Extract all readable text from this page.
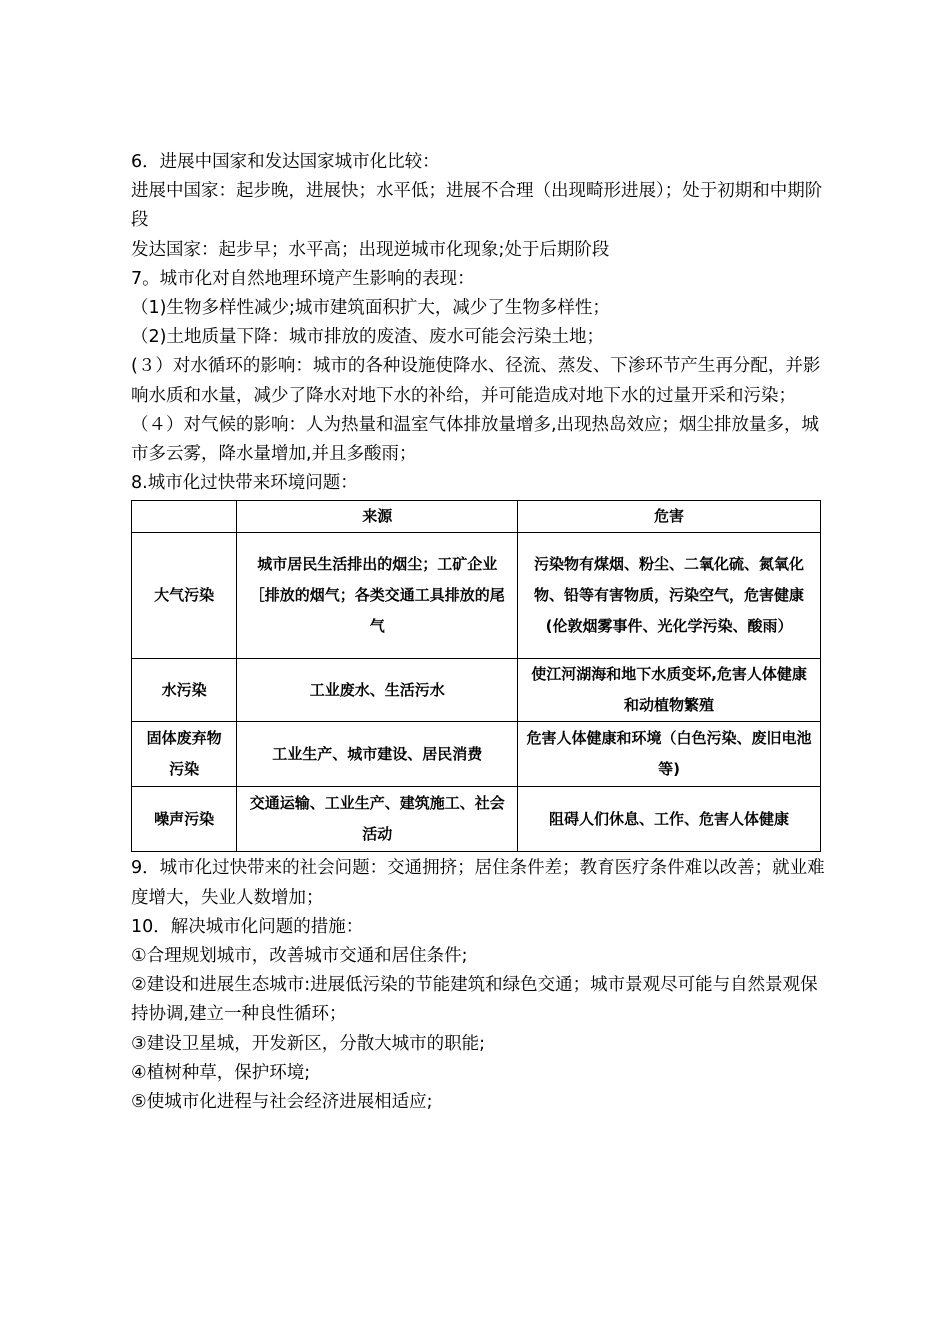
6．进展中国家和发达国家城市化比较：
进展中国家：起步晚，进展快；水平低；进展不合理（出现畸形进展）；处于初期和中期阶段
发达国家：起步早；水平高；出现逆城市化现象;处于后期阶段
7。城市化对自然地理环境产生影响的表现：
（1)生物多样性减少;城市建筑面积扩大，减少了生物多样性；
（2)土地质量下降：城市排放的废渣、废水可能会污染土地；
(３）对水循环的影响：城市的各种设施使降水、径流、蒸发、下渗环节产生再分配，并影响水质和水量，减少了降水对地下水的补给，并可能造成对地下水的过量开采和污染；
（４）对气候的影响：人为热量和温室气体排放量增多,出现热岛效应；烟尘排放量多，城市多云雾，降水量增加,并且多酸雨；
8.城市化过快带来环境问题：
	来源	危害
大气污染	城市居民生活排出的烟尘；工矿企业［排放的烟气；各类交通工具排放的尾气	污染物有煤烟、粉尘、二氧化硫、氮氧化物、铅等有害物质，污染空气，危害健康(伦敦烟雾事件、光化学污染、酸雨）
水污染	工业废水、生活污水	使江河湖海和地下水质变坏,危害人体健康和动植物繁殖
固体废弃物污染	工业生产、城市建设、居民消费	危害人体健康和环境（白色污染、废旧电池等)
噪声污染	交通运输、工业生产、建筑施工、社会活动	阻碍人们休息、工作、危害人体健康
9．城市化过快带来的社会问题：交通拥挤；居住条件差；教育医疗条件难以改善；就业难度增大，失业人数增加；
10．解决城市化问题的措施：
①合理规划城市，改善城市交通和居住条件;
②建设和进展生态城市:进展低污染的节能建筑和绿色交通；城市景观尽可能与自然景观保持协调,建立一种良性循环；
③建设卫星城，开发新区，分散大城市的职能;
④植树种草，保护环境;
⑤使城市化进程与社会经济进展相适应;
